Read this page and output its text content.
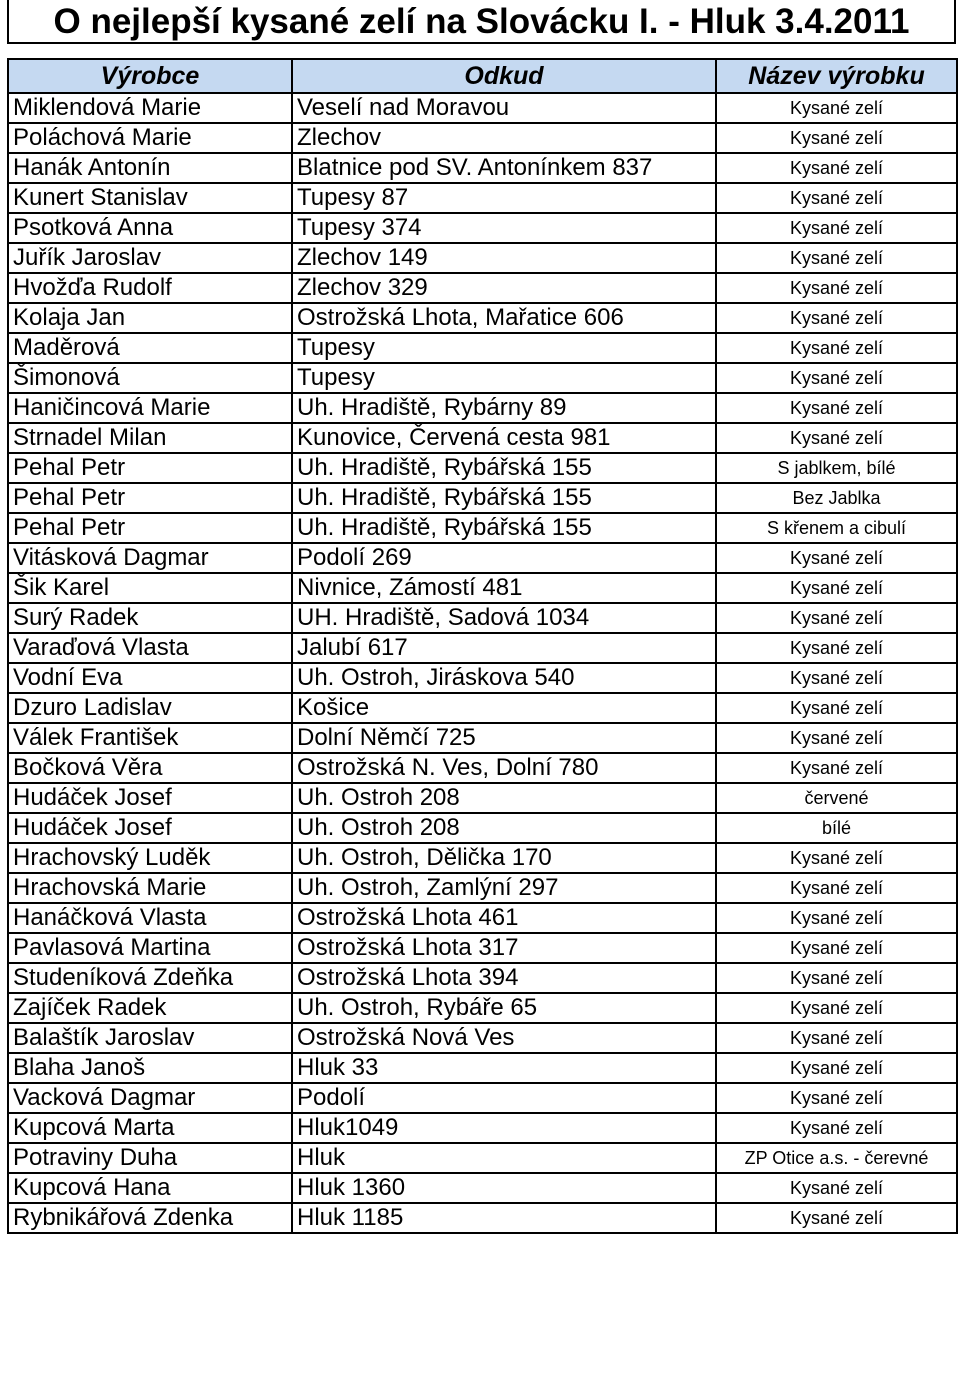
O nejlepší kysané zelí na Slovácku I. - Hluk 3.4.2011
Výrobce	Odkud	Název výrobku
Miklendová Marie	Veselí nad Moravou	Kysané zelí
Poláchová Marie	Zlechov	Kysané zelí
Hanák Antonín	Blatnice pod SV. Antonínkem 837	Kysané zelí
Kunert Stanislav	Tupesy 87	Kysané zelí
Psotková Anna	Tupesy 374	Kysané zelí
Juřík Jaroslav	Zlechov 149	Kysané zelí
Hvožďa Rudolf	Zlechov 329	Kysané zelí
Kolaja Jan	Ostrožská Lhota, Mařatice 606	Kysané zelí
Maděrová	Tupesy	Kysané zelí
Šimonová	Tupesy	Kysané zelí
Haničincová Marie	Uh. Hradiště, Rybárny 89	Kysané zelí
Strnadel Milan	Kunovice, Červená cesta 981	Kysané zelí
Pehal Petr	Uh. Hradiště, Rybářská 155	S jablkem, bílé
Pehal Petr	Uh. Hradiště, Rybářská 155	Bez Jablka
Pehal Petr	Uh. Hradiště, Rybářská 155	S křenem a cibulí
Vitásková Dagmar	Podolí 269	Kysané zelí
Šik Karel	Nivnice, Zámostí 481	Kysané zelí
Surý Radek	UH. Hradiště, Sadová 1034	Kysané zelí
Varaďová Vlasta	Jalubí 617	Kysané zelí
Vodní Eva	Uh. Ostroh, Jiráskova 540	Kysané zelí
Dzuro Ladislav	Košice	Kysané zelí
Válek František	Dolní Němčí 725	Kysané zelí
Bočková Věra	Ostrožská N. Ves, Dolní 780	Kysané zelí
Hudáček Josef	Uh. Ostroh 208	červené
Hudáček Josef	Uh. Ostroh 208	bílé
Hrachovský Luděk	Uh. Ostroh, Dělička 170	Kysané zelí
Hrachovská Marie	Uh. Ostroh, Zamlýní 297	Kysané zelí
Hanáčková Vlasta	Ostrožská Lhota 461	Kysané zelí
Pavlasová Martina	Ostrožská Lhota 317	Kysané zelí
Studeníková Zdeňka	Ostrožská Lhota 394	Kysané zelí
Zajíček Radek	Uh. Ostroh, Rybáře 65	Kysané zelí
Balaštík Jaroslav	Ostrožská Nová Ves	Kysané zelí
Blaha Janoš	Hluk 33	Kysané zelí
Vacková Dagmar	Podolí	Kysané zelí
Kupcová Marta	Hluk1049	Kysané zelí
Potraviny Duha	Hluk	ZP Otice a.s. - čerevné
Kupcová Hana	Hluk 1360	Kysané zelí
Rybnikářová Zdenka	Hluk 1185	Kysané zelí
